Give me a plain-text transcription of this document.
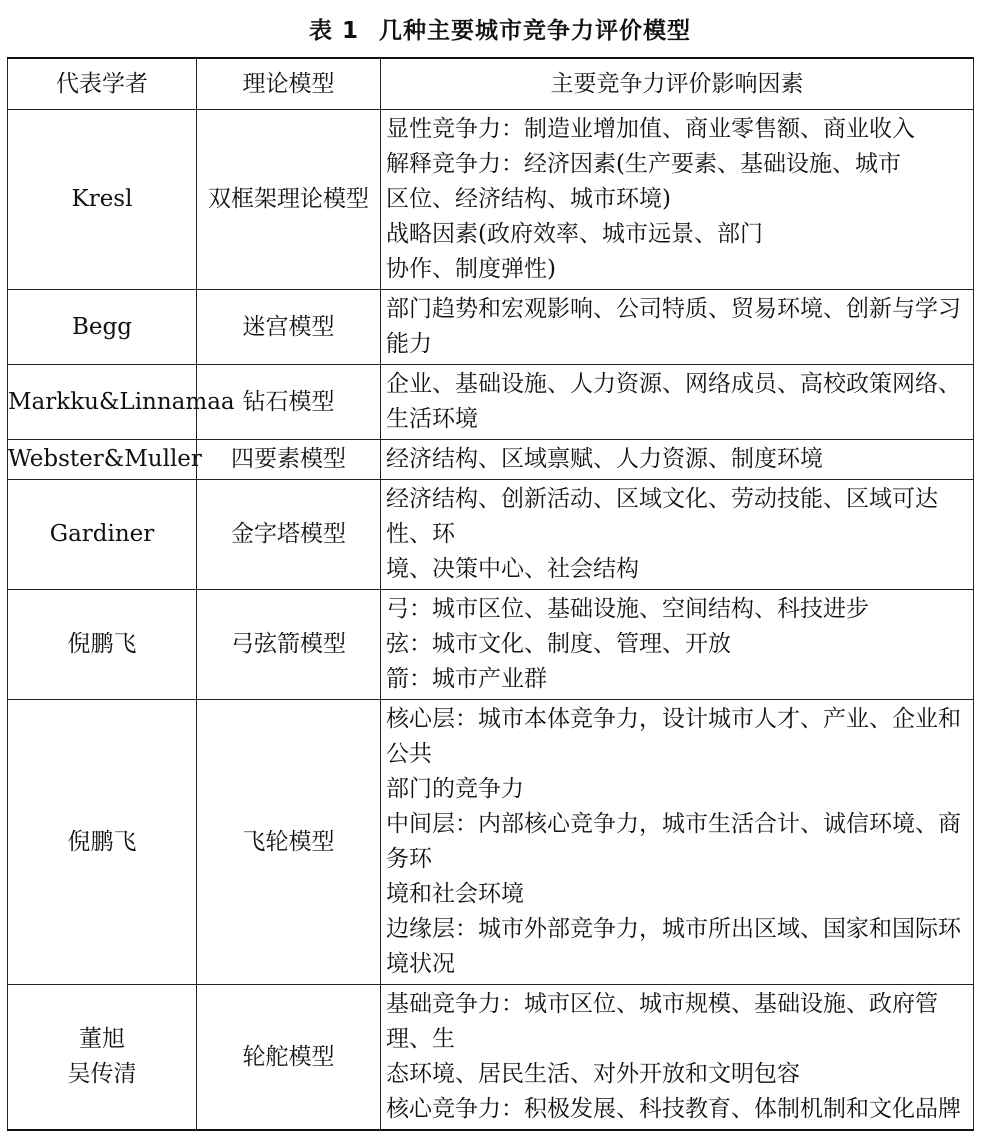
表 1 几种主要城市竞争力评价模型
代表学者	理论模型	主要竞争力评价影响因素
Kresl	双框架理论模型	显性竞争力：制造业增加值、商业零售额、商业收入
解释竞争力：经济因素(生产要素、基础设施、城市
区位、经济结构、城市环境)
战略因素(政府效率、城市远景、部门
协作、制度弹性)

Begg	迷宫模型	部门趋势和宏观影响、公司特质、贸易环境、创新与学习能力

Markku&Linnamaa	钻石模型	企业、基础设施、人力资源、网络成员、高校政策网络、生活环境

Webster&Muller	四要素模型	经济结构、区域禀赋、人力资源、制度环境

Gardiner	金字塔模型	经济结构、创新活动、区域文化、劳动技能、区域可达性、环
境、决策中心、社会结构

倪鹏飞	弓弦箭模型	弓：城市区位、基础设施、空间结构、科技进步
弦：城市文化、制度、管理、开放
箭：城市产业群

倪鹏飞	飞轮模型	核心层：城市本体竞争力，设计城市人才、产业、企业和公共
部门的竞争力
中间层：内部核心竞争力，城市生活合计、诚信环境、商务环
境和社会环境
边缘层：城市外部竞争力，城市所出区域、国家和国际环境状况

董旭
吴传清	轮舵模型	基础竞争力：城市区位、城市规模、基础设施、政府管理、生
态环境、居民生活、对外开放和文明包容
核心竞争力：积极发展、科技教育、体制机制和文化品牌
